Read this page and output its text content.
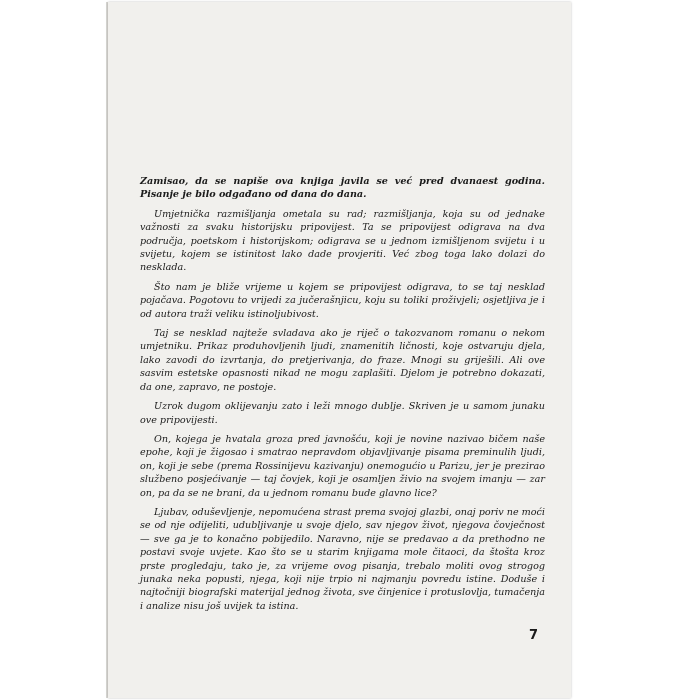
Zamisao, da se napiše ova knjiga javila se već pred dvanaest godina. Pisanje je bilo odgađano od dana do dana.

Umjetnička razmišljanja ometala su rad; razmišljanja, koja su od jednake važnosti za svaku historijsku pripovijest. Ta se pripovijest odigrava na dva područja, poetskom i historijskom; odigrava se u jednom izmišljenom svijetu i u svijetu, kojem se istinitost lako dade provjeriti. Već zbog toga lako dolazi do nesklada.

Što nam je bliže vrijeme u kojem se pripovijest odigrava, to se taj nesklad pojačava. Pogotovu to vrijedi za jučerašnjicu, koju su toliki proživjeli; osjetljiva je i od autora traži veliku istinoljubivost.

Taj se nesklad najteže svladava ako je riječ o takozvanom romanu o nekom umjetniku. Prikaz produhovljenih ljudi, znamenitih ličnosti, koje ostvaruju djela, lako zavodi do izvrtanja, do pretjerivanja, do fraze. Mnogi su griješili. Ali ove sasvim estetske opasnosti nikad ne mogu zaplašiti. Djelom je potrebno dokazati, da one, zapravo, ne postoje.

Uzrok dugom oklijevanju zato i leži mnogo dublje. Skriven je u samom junaku ove pripovijesti.

On, kojega je hvatala groza pred javnošću, koji je novine nazivao bičem naše epohe, koji je žigosao i smatrao nepravdom objavljivanje pisama preminulih ljudi, on, koji je sebe (prema Rossinijevu kazivanju) onemogućio u Parizu, jer je prezirao službeno posjećivanje — taj čovjek, koji je osamljen živio na svojem imanju — zar on, pa da se ne brani, da u jednom romanu bude glavno lice?

Ljubav, oduševljenje, nepomućena strast prema svojoj glazbi, onaj poriv ne moći se od nje odijeliti, udubljivanje u svoje djelo, sav njegov život, njegova čovječnost — sve ga je to konačno pobijedilo. Naravno, nije se predavao a da prethodno ne postavi svoje uvjete. Kao što se u starim knjigama mole čitaoci, da štošta kroz prste progledaju, tako je, za vrijeme ovog pisanja, trebalo moliti ovog strogog junaka neka popusti, njega, koji nije trpio ni najmanju povredu istine. Doduše i najtočniji biografski materijal jednog života, sve činjenice i protuslovlja, tumačenja i analize nisu još uvijek ta istina.

7
